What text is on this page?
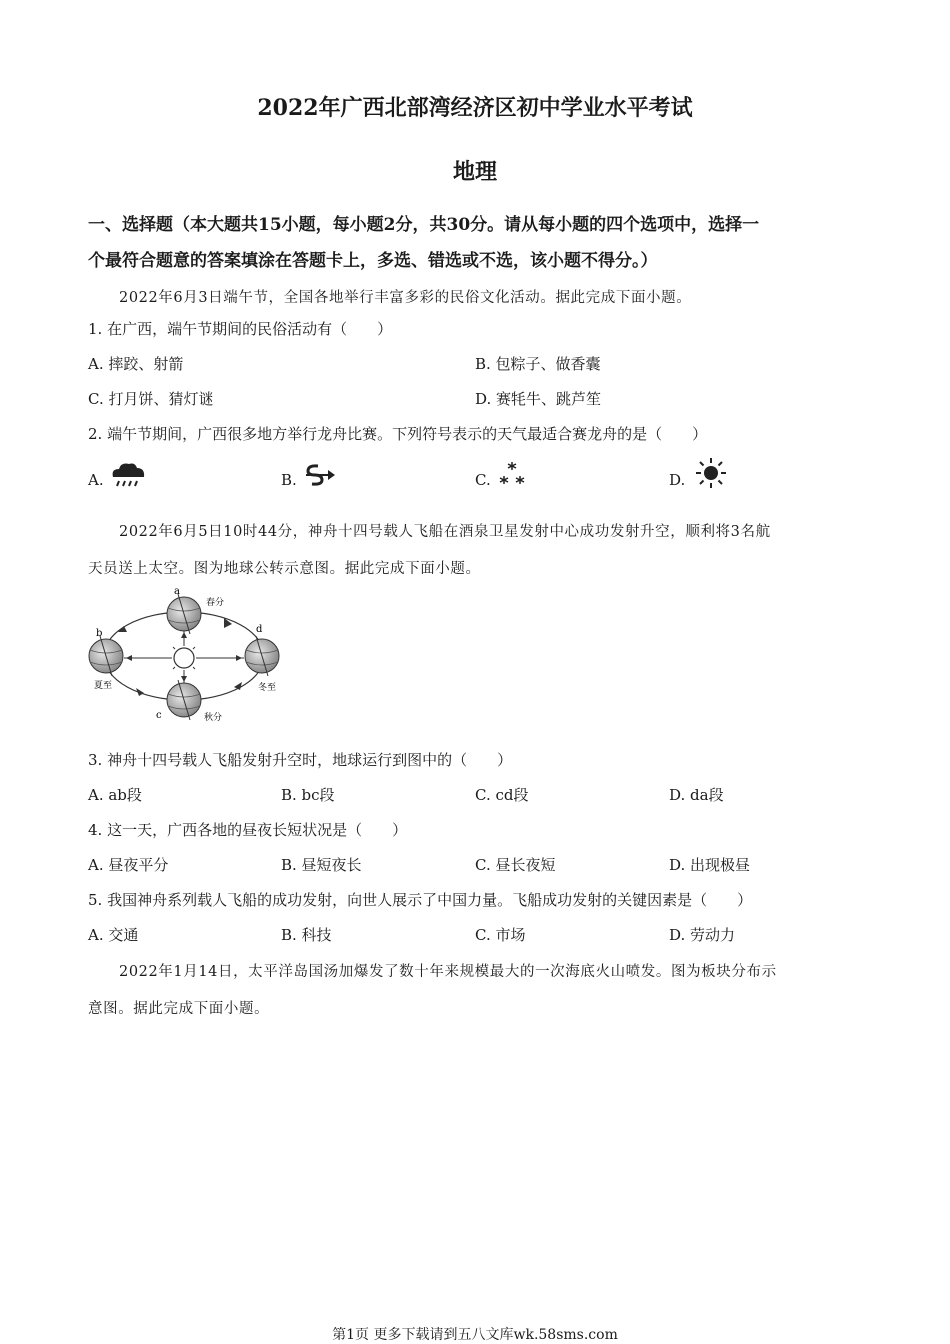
2022年广西北部湾经济区初中学业水平考试
地理
一、选择题（本大题共15小题，每小题2分，共30分。请从每小题的四个选项中，选择一
个最符合题意的答案填涂在答题卡上，多选、错选或不选，该小题不得分。）
2022年6月3日端午节，全国各地举行丰富多彩的民俗文化活动。据此完成下面小题。
1. 在广西，端午节期间的民俗活动有（　　）
A. 摔跤、射箭	B. 包粽子、做香囊
C. 打月饼、猜灯谜	D. 赛牦牛、跳芦笙
2. 端午节期间，广西很多地方举行龙舟比赛。下列符号表示的天气最适合赛龙舟的是（　　）
A.	B.	C.	D.
2022年6月5日10时44分，神舟十四号载人飞船在酒泉卫星发射中心成功发射升空，顺利将3名航
天员送上太空。图为地球公转示意图。据此完成下面小题。
a
春分
b
夏至
c	秋分
d
冬至
3. 神舟十四号载人飞船发射升空时，地球运行到图中的（　　）
A. ab段	B. bc段	C. cd段	D. da段
4. 这一天，广西各地的昼夜长短状况是（　　）
A. 昼夜平分	B. 昼短夜长	C. 昼长夜短	D. 出现极昼
5. 我国神舟系列载人飞船的成功发射，向世人展示了中国力量。飞船成功发射的关键因素是（　　）
A. 交通	B. 科技	C. 市场	D. 劳动力
2022年1月14日，太平洋岛国汤加爆发了数十年来规模最大的一次海底火山喷发。图为板块分布示
意图。据此完成下面小题。
第1页 更多下载请到五八文库wk.58sms.com
